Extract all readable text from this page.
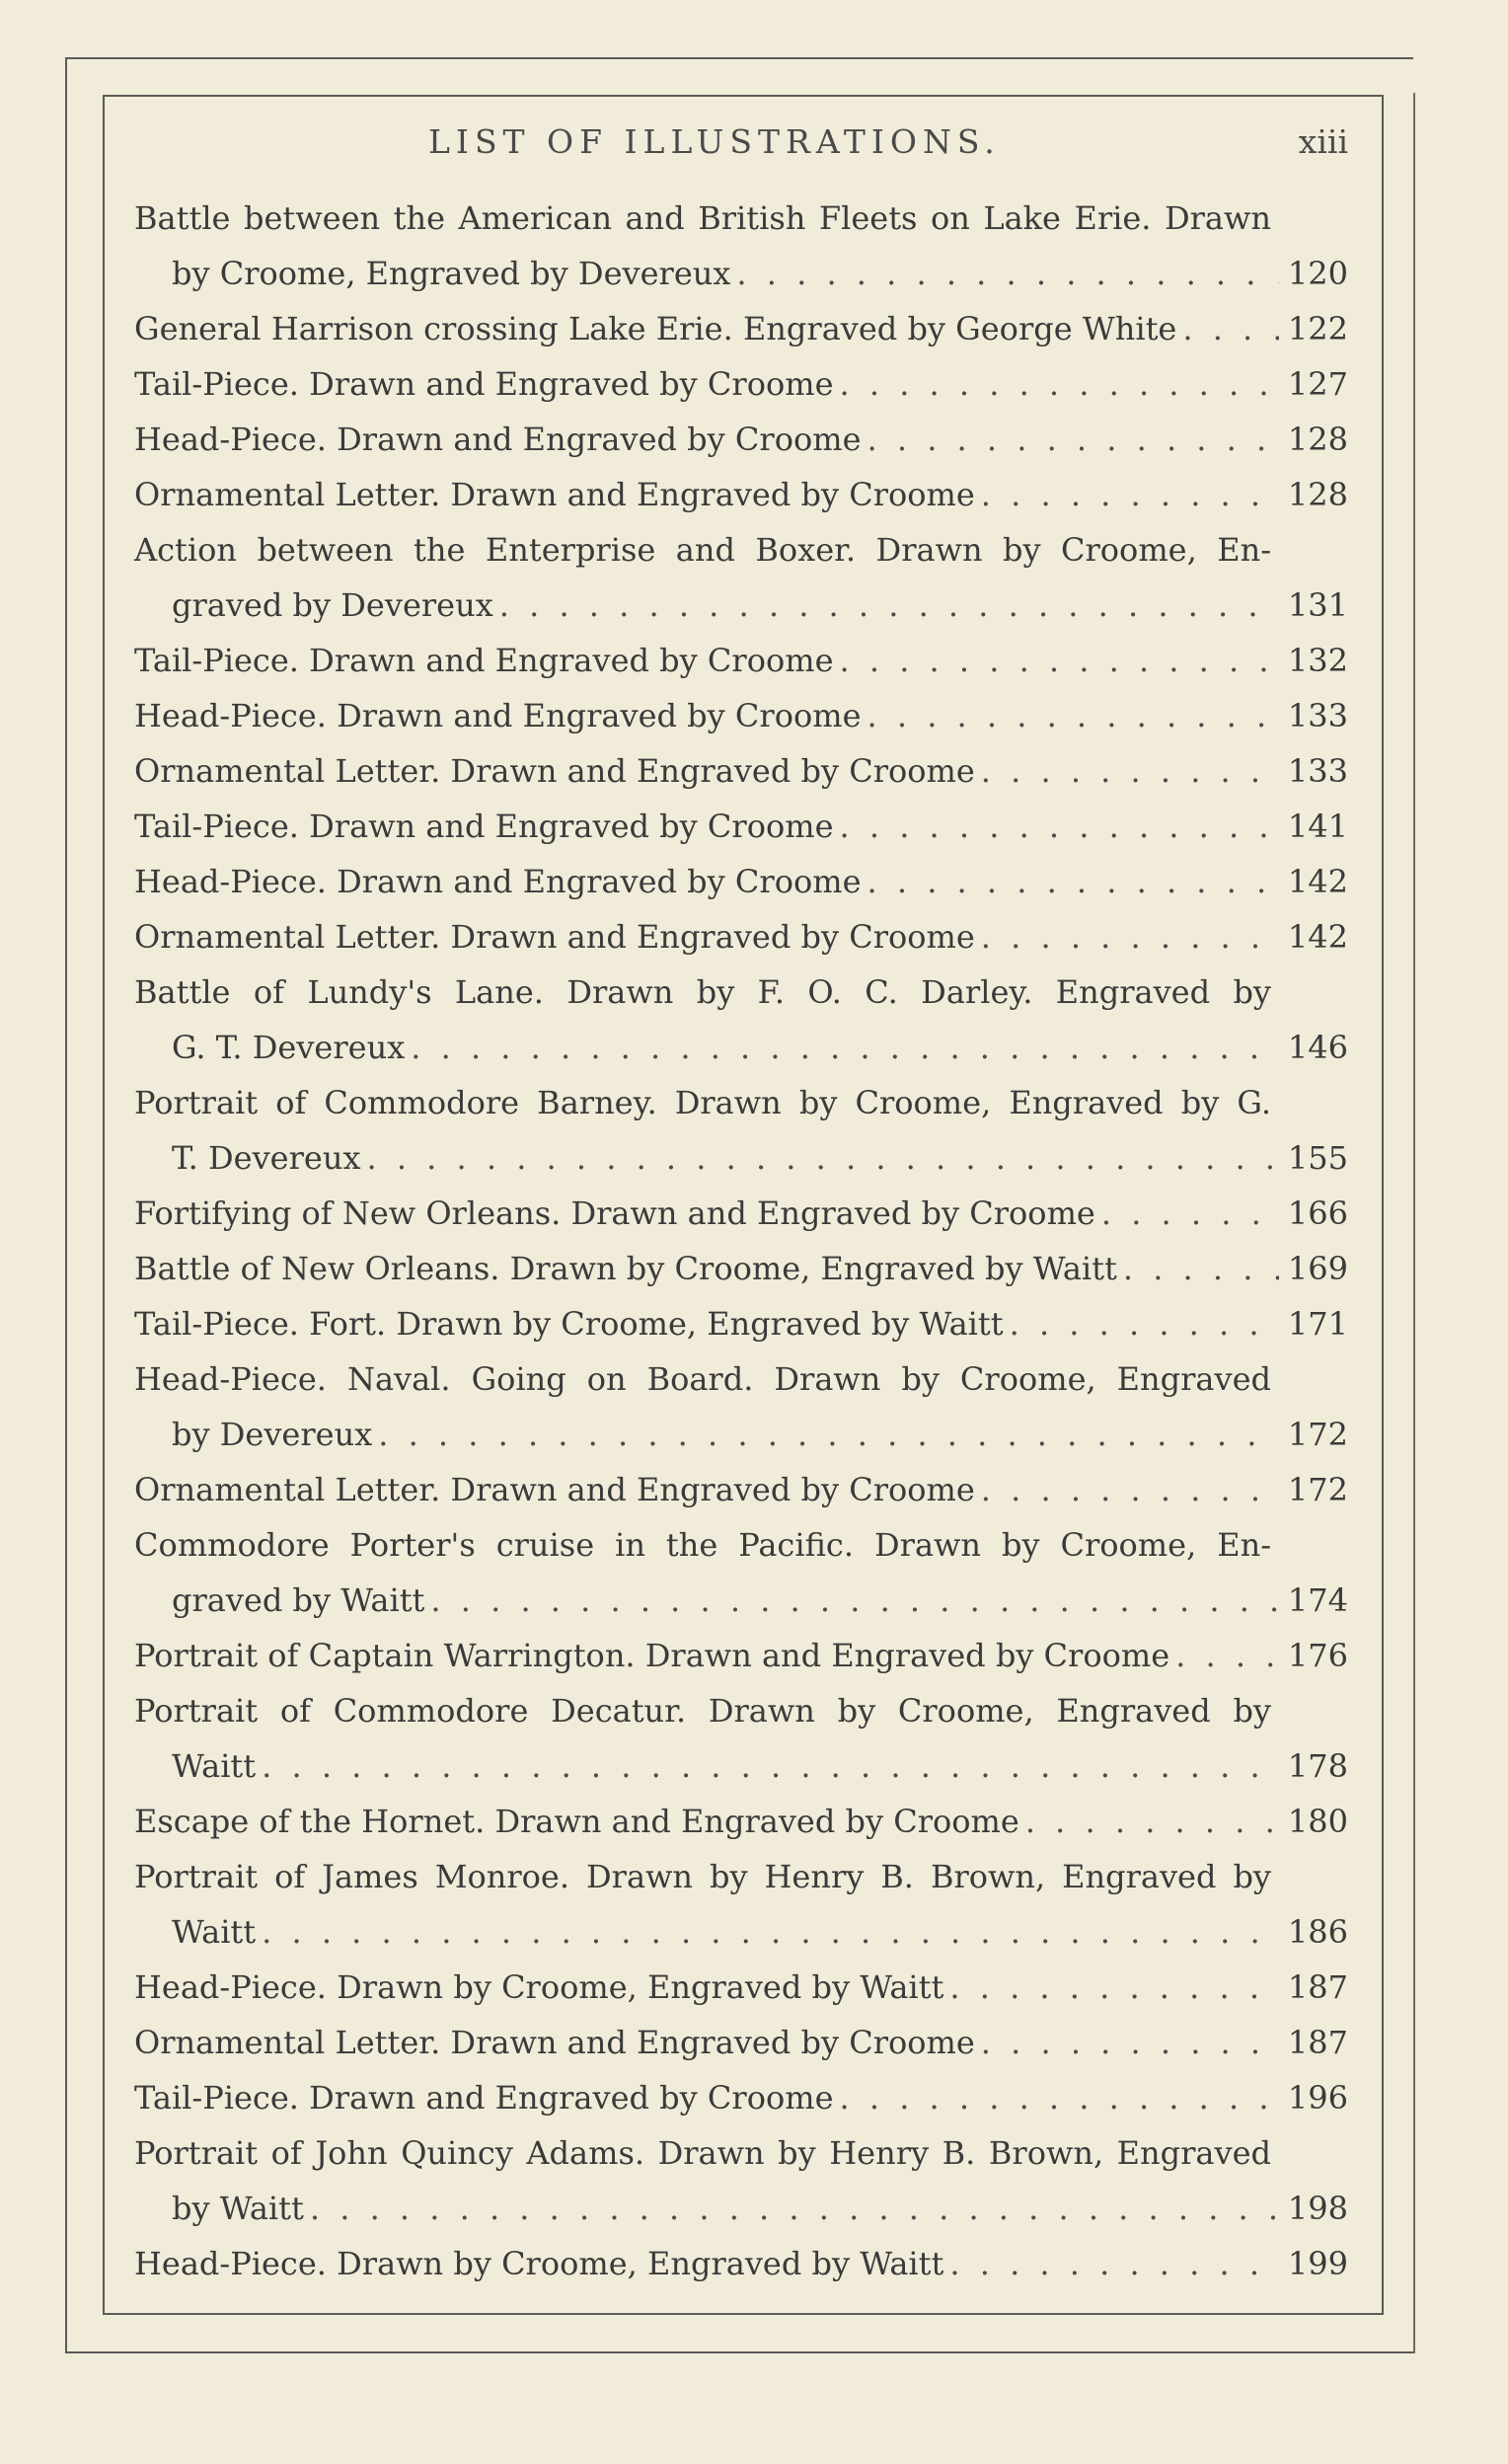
LIST OF ILLUSTRATIONS.	xiii
Battle between the American and British Fleets on Lake Erie. Drawn
by Croome, Engraved by Devereux . . .	120
General Harrison crossing Lake Erie. Engraved by George White . . .	122
Tail-Piece. Drawn and Engraved by Croome . . .	127
Head-Piece. Drawn and Engraved by Croome . . .	128
Ornamental Letter. Drawn and Engraved by Croome . . .	128
Action between the Enterprise and Boxer. Drawn by Croome, En-
graved by Devereux . . .	131
Tail-Piece. Drawn and Engraved by Croome . . .	132
Head-Piece. Drawn and Engraved by Croome . . .	133
Ornamental Letter. Drawn and Engraved by Croome . . .	133
Tail-Piece. Drawn and Engraved by Croome . . .	141
Head-Piece. Drawn and Engraved by Croome . . .	142
Ornamental Letter. Drawn and Engraved by Croome . . .	142
Battle of Lundy's Lane. Drawn by F. O. C. Darley. Engraved by
G. T. Devereux . . .	146
Portrait of Commodore Barney. Drawn by Croome, Engraved by G.
T. Devereux . . .	155
Fortifying of New Orleans. Drawn and Engraved by Croome . . .	166
Battle of New Orleans. Drawn by Croome, Engraved by Waitt . . .	169
Tail-Piece. Fort. Drawn by Croome, Engraved by Waitt . . .	171
Head-Piece. Naval. Going on Board. Drawn by Croome, Engraved
by Devereux . . .	172
Ornamental Letter. Drawn and Engraved by Croome . . .	172
Commodore Porter's cruise in the Pacific. Drawn by Croome, En-
graved by Waitt . . .	174
Portrait of Captain Warrington. Drawn and Engraved by Croome . . .	176
Portrait of Commodore Decatur. Drawn by Croome, Engraved by
Waitt . . .	178
Escape of the Hornet. Drawn and Engraved by Croome . . .	180
Portrait of James Monroe. Drawn by Henry B. Brown, Engraved by
Waitt . . .	186
Head-Piece. Drawn by Croome, Engraved by Waitt . . .	187
Ornamental Letter. Drawn and Engraved by Croome . . .	187
Tail-Piece. Drawn and Engraved by Croome . . .	196
Portrait of John Quincy Adams. Drawn by Henry B. Brown, Engraved
by Waitt . . .	198
Head-Piece. Drawn by Croome, Engraved by Waitt . . .	199
